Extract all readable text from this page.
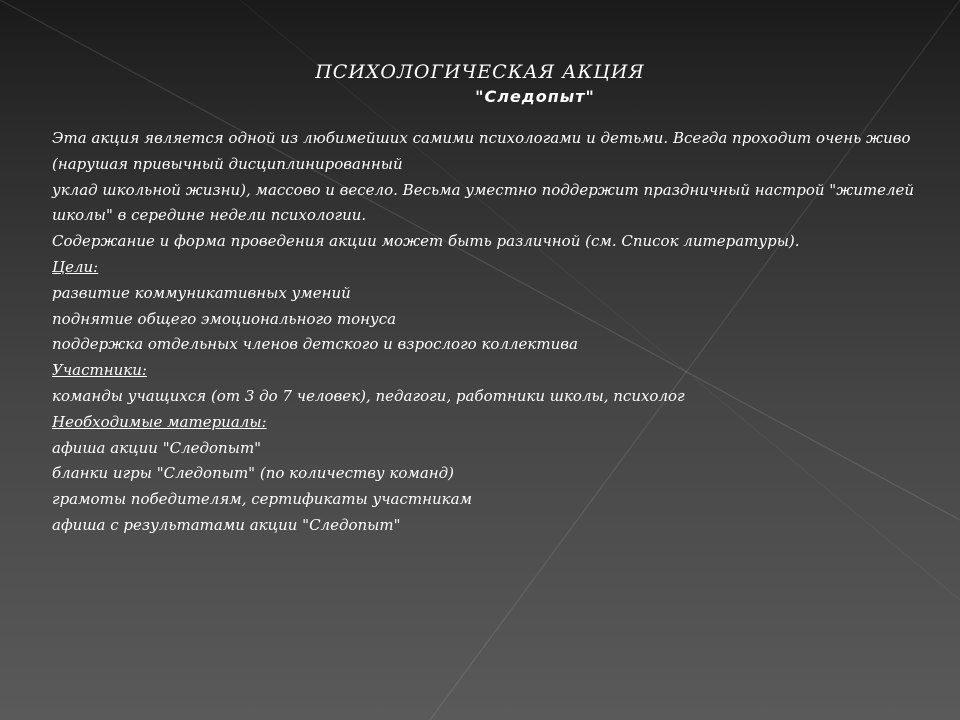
ПСИХОЛОГИЧЕСКАЯ АКЦИЯ
"Следопыт"
Эта акция является одной из любимейших самими психологами и детьми. Всегда проходит очень живо
(нарушая привычный дисциплинированный
уклад школьной жизни), массово и весело. Весьма уместно поддержит праздничный настрой "жителей
школы" в середине недели психологии.
Содержание и форма проведения акции может быть различной (см. Список литературы).
Цели:
развитие коммуникативных умений
поднятие общего эмоционального тонуса
поддержка отдельных членов детского и взрослого коллектива
Участники:
команды учащихся (от 3 до 7 человек), педагоги, работники школы, психолог
Необходимые материалы:
афиша акции "Следопыт"
бланки игры "Следопыт" (по количеству команд)
грамоты победителям, сертификаты участникам
афиша с результатами акции "Следопыт"
